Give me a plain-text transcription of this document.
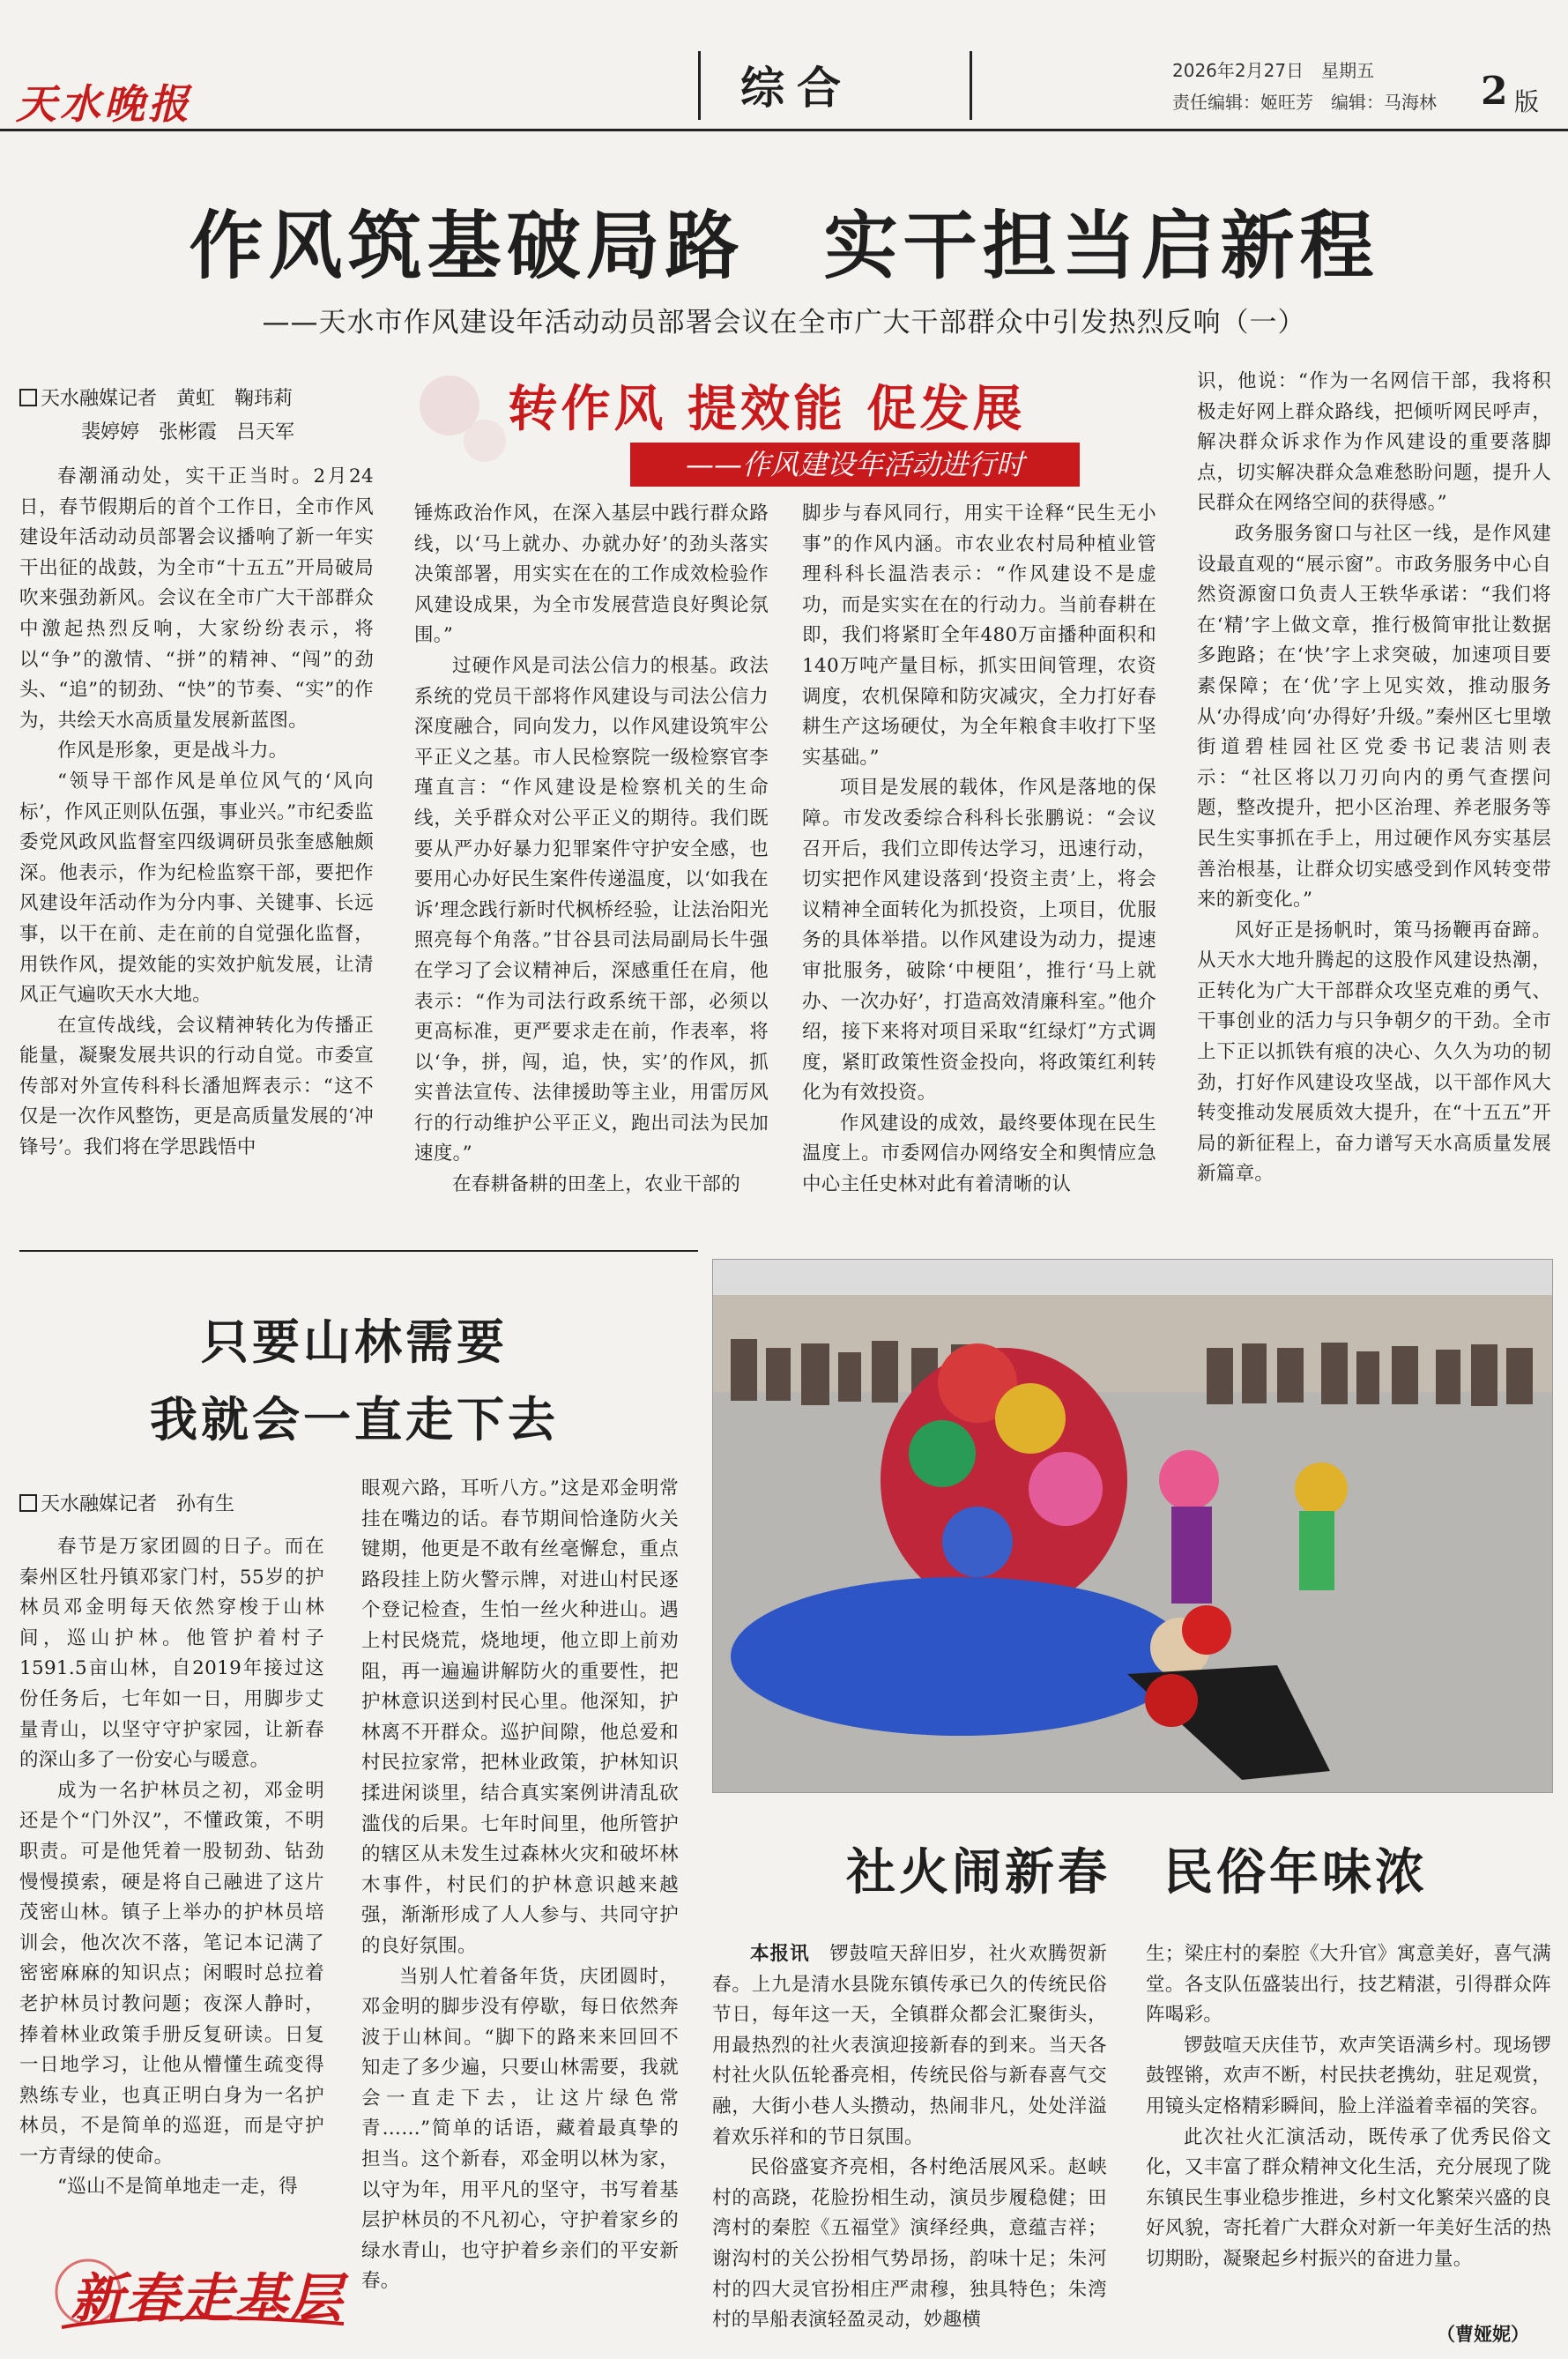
天水晚报	综合	2026年2月27日　星期五
责任编辑：姬旺芳　编辑：马海林 2 版
作风筑基破局路　实干担当启新程
——天水市作风建设年活动动员部署会议在全市广大干部群众中引发热烈反响（一）
转作风 提效能 促发展
——作风建设年活动进行时
天水融媒记者　黄虹　鞠玮莉
裴婷婷　张彬霞　吕天军

春潮涌动处，实干正当时。2月24日，春节假期后的首个工作日，全市作风建设年活动动员部署会议播响了新一年实干出征的战鼓，为全市“十五五”开局破局吹来强劲新风。会议在全市广大干部群众中激起热烈反响，大家纷纷表示，将以“争”的激情、“拼”的精神、“闯”的劲头、“追”的韧劲、“快”的节奏、“实”的作为，共绘天水高质量发展新蓝图。

作风是形象，更是战斗力。

“领导干部作风是单位风气的‘风向标’，作风正则队伍强，事业兴。”市纪委监委党风政风监督室四级调研员张奎感触颇深。他表示，作为纪检监察干部，要把作风建设年活动作为分内事、关键事、长远事，以干在前、走在前的自觉强化监督，用铁作风，提效能的实效护航发展，让清风正气遍吹天水大地。

在宣传战线，会议精神转化为传播正能量，凝聚发展共识的行动自觉。市委宣传部对外宣传科科长潘旭辉表示：“这不仅是一次作风整饬，更是高质量发展的‘冲锋号’。我们将在学思践悟中

锤炼政治作风，在深入基层中践行群众路线，以‘马上就办、办就办好’的劲头落实决策部署，用实实在在的工作成效检验作风建设成果，为全市发展营造良好舆论氛围。”

过硬作风是司法公信力的根基。政法系统的党员干部将作风建设与司法公信力深度融合，同向发力，以作风建设筑牢公平正义之基。市人民检察院一级检察官李瑾直言：“作风建设是检察机关的生命线，关乎群众对公平正义的期待。我们既要从严办好暴力犯罪案件守护安全感，也要用心办好民生案件传递温度，以‘如我在诉’理念践行新时代枫桥经验，让法治阳光照亮每个角落。”甘谷县司法局副局长牛强在学习了会议精神后，深感重任在肩，他表示：“作为司法行政系统干部，必须以更高标准，更严要求走在前，作表率，将以‘争，拼，闯，追，快，实’的作风，抓实普法宣传、法律援助等主业，用雷厉风行的行动维护公平正义，跑出司法为民加速度。”

在春耕备耕的田垄上，农业干部的

脚步与春风同行，用实干诠释“民生无小事”的作风内涵。市农业农村局种植业管理科科长温浩表示：“作风建设不是虚功，而是实实在在的行动力。当前春耕在即，我们将紧盯全年480万亩播种面积和140万吨产量目标，抓实田间管理，农资调度，农机保障和防灾减灾，全力打好春耕生产这场硬仗，为全年粮食丰收打下坚实基础。”

项目是发展的载体，作风是落地的保障。市发改委综合科科长张鹏说：“会议召开后，我们立即传达学习，迅速行动，切实把作风建设落到‘投资主责’上，将会议精神全面转化为抓投资，上项目，优服务的具体举措。以作风建设为动力，提速审批服务，破除‘中梗阻’，推行‘马上就办、一次办好’，打造高效清廉科室。”他介绍，接下来将对项目采取“红绿灯”方式调度，紧盯政策性资金投向，将政策红利转化为有效投资。

作风建设的成效，最终要体现在民生温度上。市委网信办网络安全和舆情应急中心主任史林对此有着清晰的认

识，他说：“作为一名网信干部，我将积极走好网上群众路线，把倾听网民呼声，解决群众诉求作为作风建设的重要落脚点，切实解决群众急难愁盼问题，提升人民群众在网络空间的获得感。”

政务服务窗口与社区一线，是作风建设最直观的“展示窗”。市政务服务中心自然资源窗口负责人王轶华承诺：“我们将在‘精’字上做文章，推行极简审批让数据多跑路；在‘快’字上求突破，加速项目要素保障；在‘优’字上见实效，推动服务从‘办得成’向‘办得好’升级。”秦州区七里墩街道碧桂园社区党委书记裴洁则表示：“社区将以刀刃向内的勇气查摆问题，整改提升，把小区治理、养老服务等民生实事抓在手上，用过硬作风夯实基层善治根基，让群众切实感受到作风转变带来的新变化。”

风好正是扬帆时，策马扬鞭再奋蹄。从天水大地升腾起的这股作风建设热潮，正转化为广大干部群众攻坚克难的勇气、干事创业的活力与只争朝夕的干劲。全市上下正以抓铁有痕的决心、久久为功的韧劲，打好作风建设攻坚战，以干部作风大转变推动发展质效大提升，在“十五五”开局的新征程上，奋力谱写天水高质量发展新篇章。

只要山林需要
我就会一直走下去
天水融媒记者　孙有生

春节是万家团圆的日子。而在秦州区牡丹镇邓家门村，55岁的护林员邓金明每天依然穿梭于山林间，巡山护林。他管护着村子1591.5亩山林，自2019年接过这份任务后，七年如一日，用脚步丈量青山，以坚守守护家园，让新春的深山多了一份安心与暖意。

成为一名护林员之初，邓金明还是个“门外汉”，不懂政策，不明职责。可是他凭着一股韧劲、钻劲慢慢摸索，硬是将自己融进了这片茂密山林。镇子上举办的护林员培训会，他次次不落，笔记本记满了密密麻麻的知识点；闲暇时总拉着老护林员讨教问题；夜深人静时，捧着林业政策手册反复研读。日复一日地学习，让他从懵懂生疏变得熟练专业，也真正明白身为一名护林员，不是简单的巡逛，而是守护一方青绿的使命。

“巡山不是简单地走一走，得

眼观六路，耳听八方。”这是邓金明常挂在嘴边的话。春节期间恰逢防火关键期，他更是不敢有丝毫懈怠，重点路段挂上防火警示牌，对进山村民逐个登记检查，生怕一丝火种进山。遇上村民烧荒，烧地埂，他立即上前劝阻，再一遍遍讲解防火的重要性，把护林意识送到村民心里。他深知，护林离不开群众。巡护间隙，他总爱和村民拉家常，把林业政策，护林知识揉进闲谈里，结合真实案例讲清乱砍滥伐的后果。七年时间里，他所管护的辖区从未发生过森林火灾和破坏林木事件，村民们的护林意识越来越强，渐渐形成了人人参与、共同守护的良好氛围。

当别人忙着备年货，庆团圆时，邓金明的脚步没有停歇，每日依然奔波于山林间。“脚下的路来来回回不知走了多少遍，只要山林需要，我就会一直走下去，让这片绿色常青……”简单的话语，藏着最真挚的担当。这个新春，邓金明以林为家，以守为年，用平凡的坚守，书写着基层护林员的不凡初心，守护着家乡的绿水青山，也守护着乡亲们的平安新春。

新春走基层
社火闹新春　民俗年味浓

本报讯　 锣鼓喧天辞旧岁，社火欢腾贺新春。上九是清水县陇东镇传承已久的传统民俗节日，每年这一天，全镇群众都会汇聚街头，用最热烈的社火表演迎接新春的到来。当天各村社火队伍轮番亮相，传统民俗与新春喜气交融，大街小巷人头攒动，热闹非凡，处处洋溢着欢乐祥和的节日氛围。

民俗盛宴齐亮相，各村绝活展风采。赵峡村的高跷，花脸扮相生动，演员步履稳健；田湾村的秦腔《五福堂》演绎经典，意蕴吉祥；谢沟村的关公扮相气势昂扬，韵味十足；朱河村的四大灵官扮相庄严肃穆，独具特色；朱湾村的旱船表演轻盈灵动，妙趣横

生；梁庄村的秦腔《大升官》寓意美好，喜气满堂。各支队伍盛装出行，技艺精湛，引得群众阵阵喝彩。

锣鼓喧天庆佳节，欢声笑语满乡村。现场锣鼓铿锵，欢声不断，村民扶老携幼，驻足观赏，用镜头定格精彩瞬间，脸上洋溢着幸福的笑容。

此次社火汇演活动，既传承了优秀民俗文化，又丰富了群众精神文化生活，充分展现了陇东镇民生事业稳步推进，乡村文化繁荣兴盛的良好风貌，寄托着广大群众对新一年美好生活的热切期盼，凝聚起乡村振兴的奋进力量。

（曹娅妮）
